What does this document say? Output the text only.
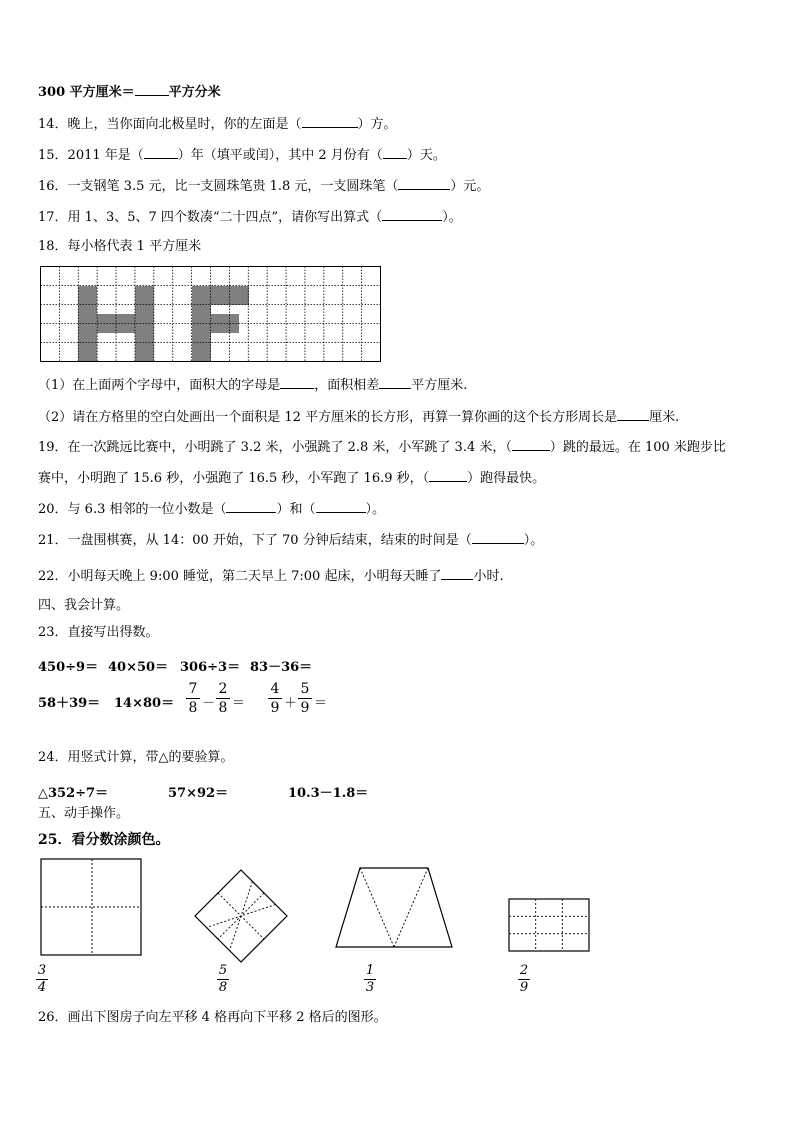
300 平方厘米＝	平方分米
14．晚上，当你面向北极星时，你的左面是（	）方。
15．2011 年是（	）年（填平或闰），其中 2 月份有（ ）天。
16．一支钢笔 3.5 元，比一支圆珠笔贵 1.8 元，一支圆珠笔（	）元。
17．用 1、3、5、7 四个数凑“二十四点”，请你写出算式（	）。
18．每小格代表 1 平方厘米
（1）在上面两个字母中，面积大的字母是	，面积相差 平方厘米.
（2）请在方格里的空白处画出一个面积是 12 平方厘米的长方形，再算一算你画的这个长方形周长是 厘米.
19．在一次跳远比赛中，小明跳了 3.2 米，小强跳了 2.8 米，小军跳了 3.4 米，（	）跳的最远。在 100 米跑步比
赛中，小明跑了 15.6 秒，小强跑了 16.5 秒，小军跑了 16.9 秒，（	）跑得最快。
20．与 6.3 相邻的一位小数是（	）和（	）。
21．一盘围棋赛，从 14：00 开始，下了 70 分钟后结束，结束的时间是（	）。
22．小明每天晚上 9:00 睡觉，第二天早上 7:00 起床，小明每天睡了 小时.
四、我会计算。
23．直接写出得数。
450÷9＝ 40×50＝ 306÷3＝ 83－36＝
58＋39＝ 14×80＝
7
8 －
2
8 ＝
4
9 ＋
5
9 ＝
24．用竖式计算，带△的要验算。
△352÷7＝	57×92＝	10.3－1.8＝
五、动手操作。
25．看分数涂颜色。
3
4
5
8
1
3
2
9
26．画出下图房子向左平移 4 格再向下平移 2 格后的图形。
